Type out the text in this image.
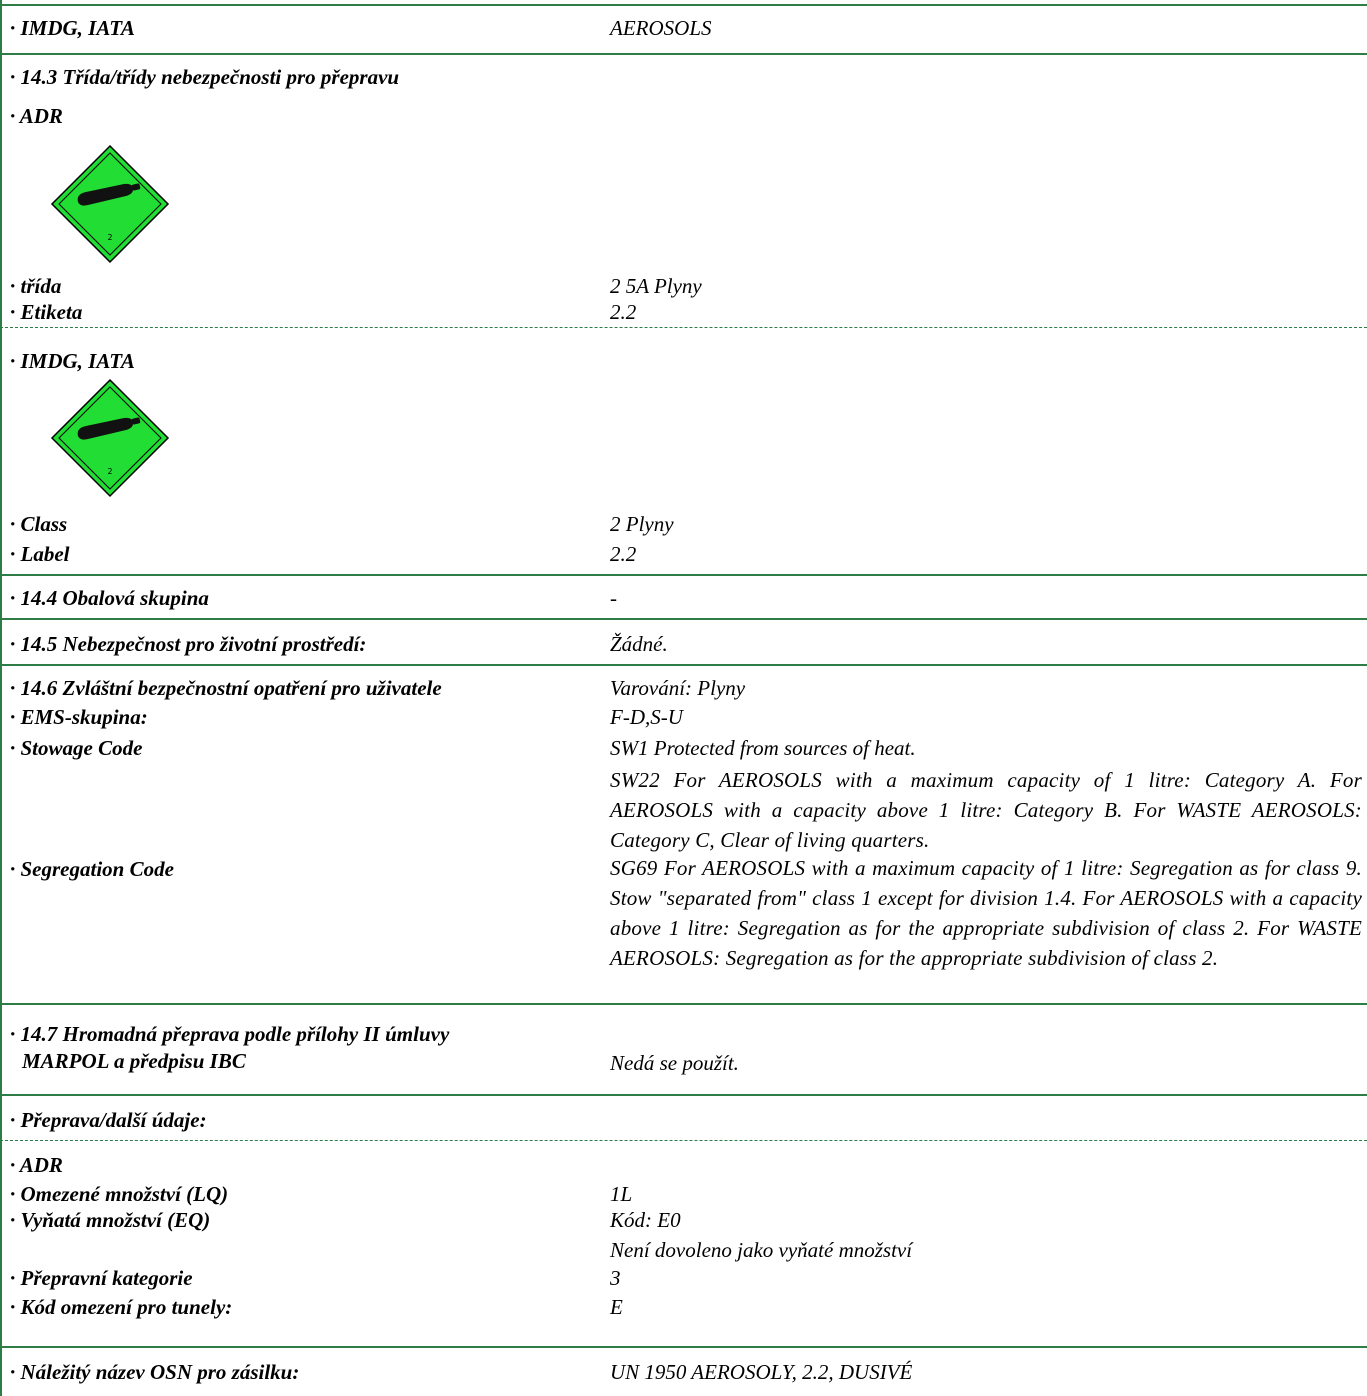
· IMDG, IATA	AEROSOLS
· 14.3 Třída/třídy nebezpečnosti pro přepravu
· ADR
2
· třída	2 5A Plyny
· Etiketa	2.2
· IMDG, IATA
2
· Class	2 Plyny
· Label	2.2
· 14.4 Obalová skupina	-
· 14.5 Nebezpečnost pro životní prostředí:	Žádné.
· 14.6 Zvláštní bezpečnostní opatření pro uživatele	Varování: Plyny
· EMS-skupina:	F-D,S-U
· Stowage Code	SW1 Protected from sources of heat.
SW22 For AEROSOLS with a maximum capacity of 1 litre: Category A. For AEROSOLS with a capacity above 1 litre: Category B. For WASTE AEROSOLS: Category C, Clear of living quarters.
· Segregation Code	SG69 For AEROSOLS with a maximum capacity of 1 litre: Segregation as for class 9. Stow "separated from" class 1 except for division 1.4. For AEROSOLS with a capacity above 1 litre: Segregation as for the appropriate subdivision of class 2. For WASTE AEROSOLS: Segregation as for the appropriate subdivision of class 2.
· 14.7 Hromadná přeprava podle přílohy II úmluvy
MARPOL a předpisu IBC	Nedá se použít.
· Přeprava/další údaje:
· ADR
· Omezené množství (LQ)	1L
· Vyňatá množství (EQ)	Kód: E0
Není dovoleno jako vyňaté množství
· Přepravní kategorie	3
· Kód omezení pro tunely:	E
· Náležitý název OSN pro zásilku:	UN 1950 AEROSOLY, 2.2, DUSIVÉ
